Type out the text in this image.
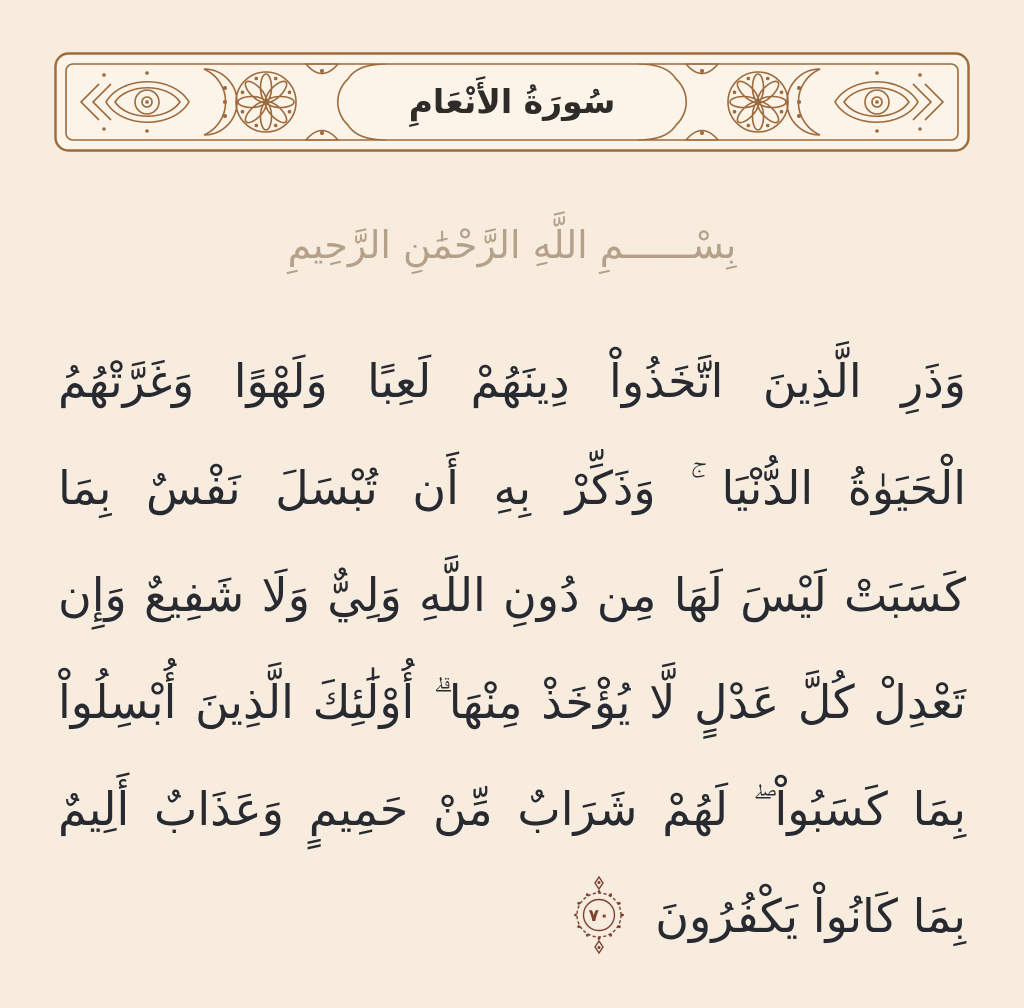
سُورَةُ الأَنْعَامِ
بِسْــــــمِ اللَّهِ الرَّحْمَٰنِ الرَّحِيمِ
وَذَرِ الَّذِينَ اتَّخَذُواْ دِينَهُمْ لَعِبًا وَلَهْوًا وَغَرَّتْهُمُ
الْحَيَوٰةُ الدُّنْيَا ۚ وَذَكِّرْ بِهِ أَن تُبْسَلَ نَفْسٌ بِمَا
كَسَبَتْ لَيْسَ لَهَا مِن دُونِ اللَّهِ وَلِيٌّ وَلَا شَفِيعٌ وَإِن
تَعْدِلْ كُلَّ عَدْلٍ لَّا يُؤْخَذْ مِنْهَا ۗ أُوْلَٰئِكَ الَّذِينَ أُبْسِلُواْ
بِمَا كَسَبُواْ ۖ لَهُمْ شَرَابٌ مِّنْ حَمِيمٍ وَعَذَابٌ أَلِيمٌ
بِمَا كَانُواْ يَكْفُرُونَ
٧٠
